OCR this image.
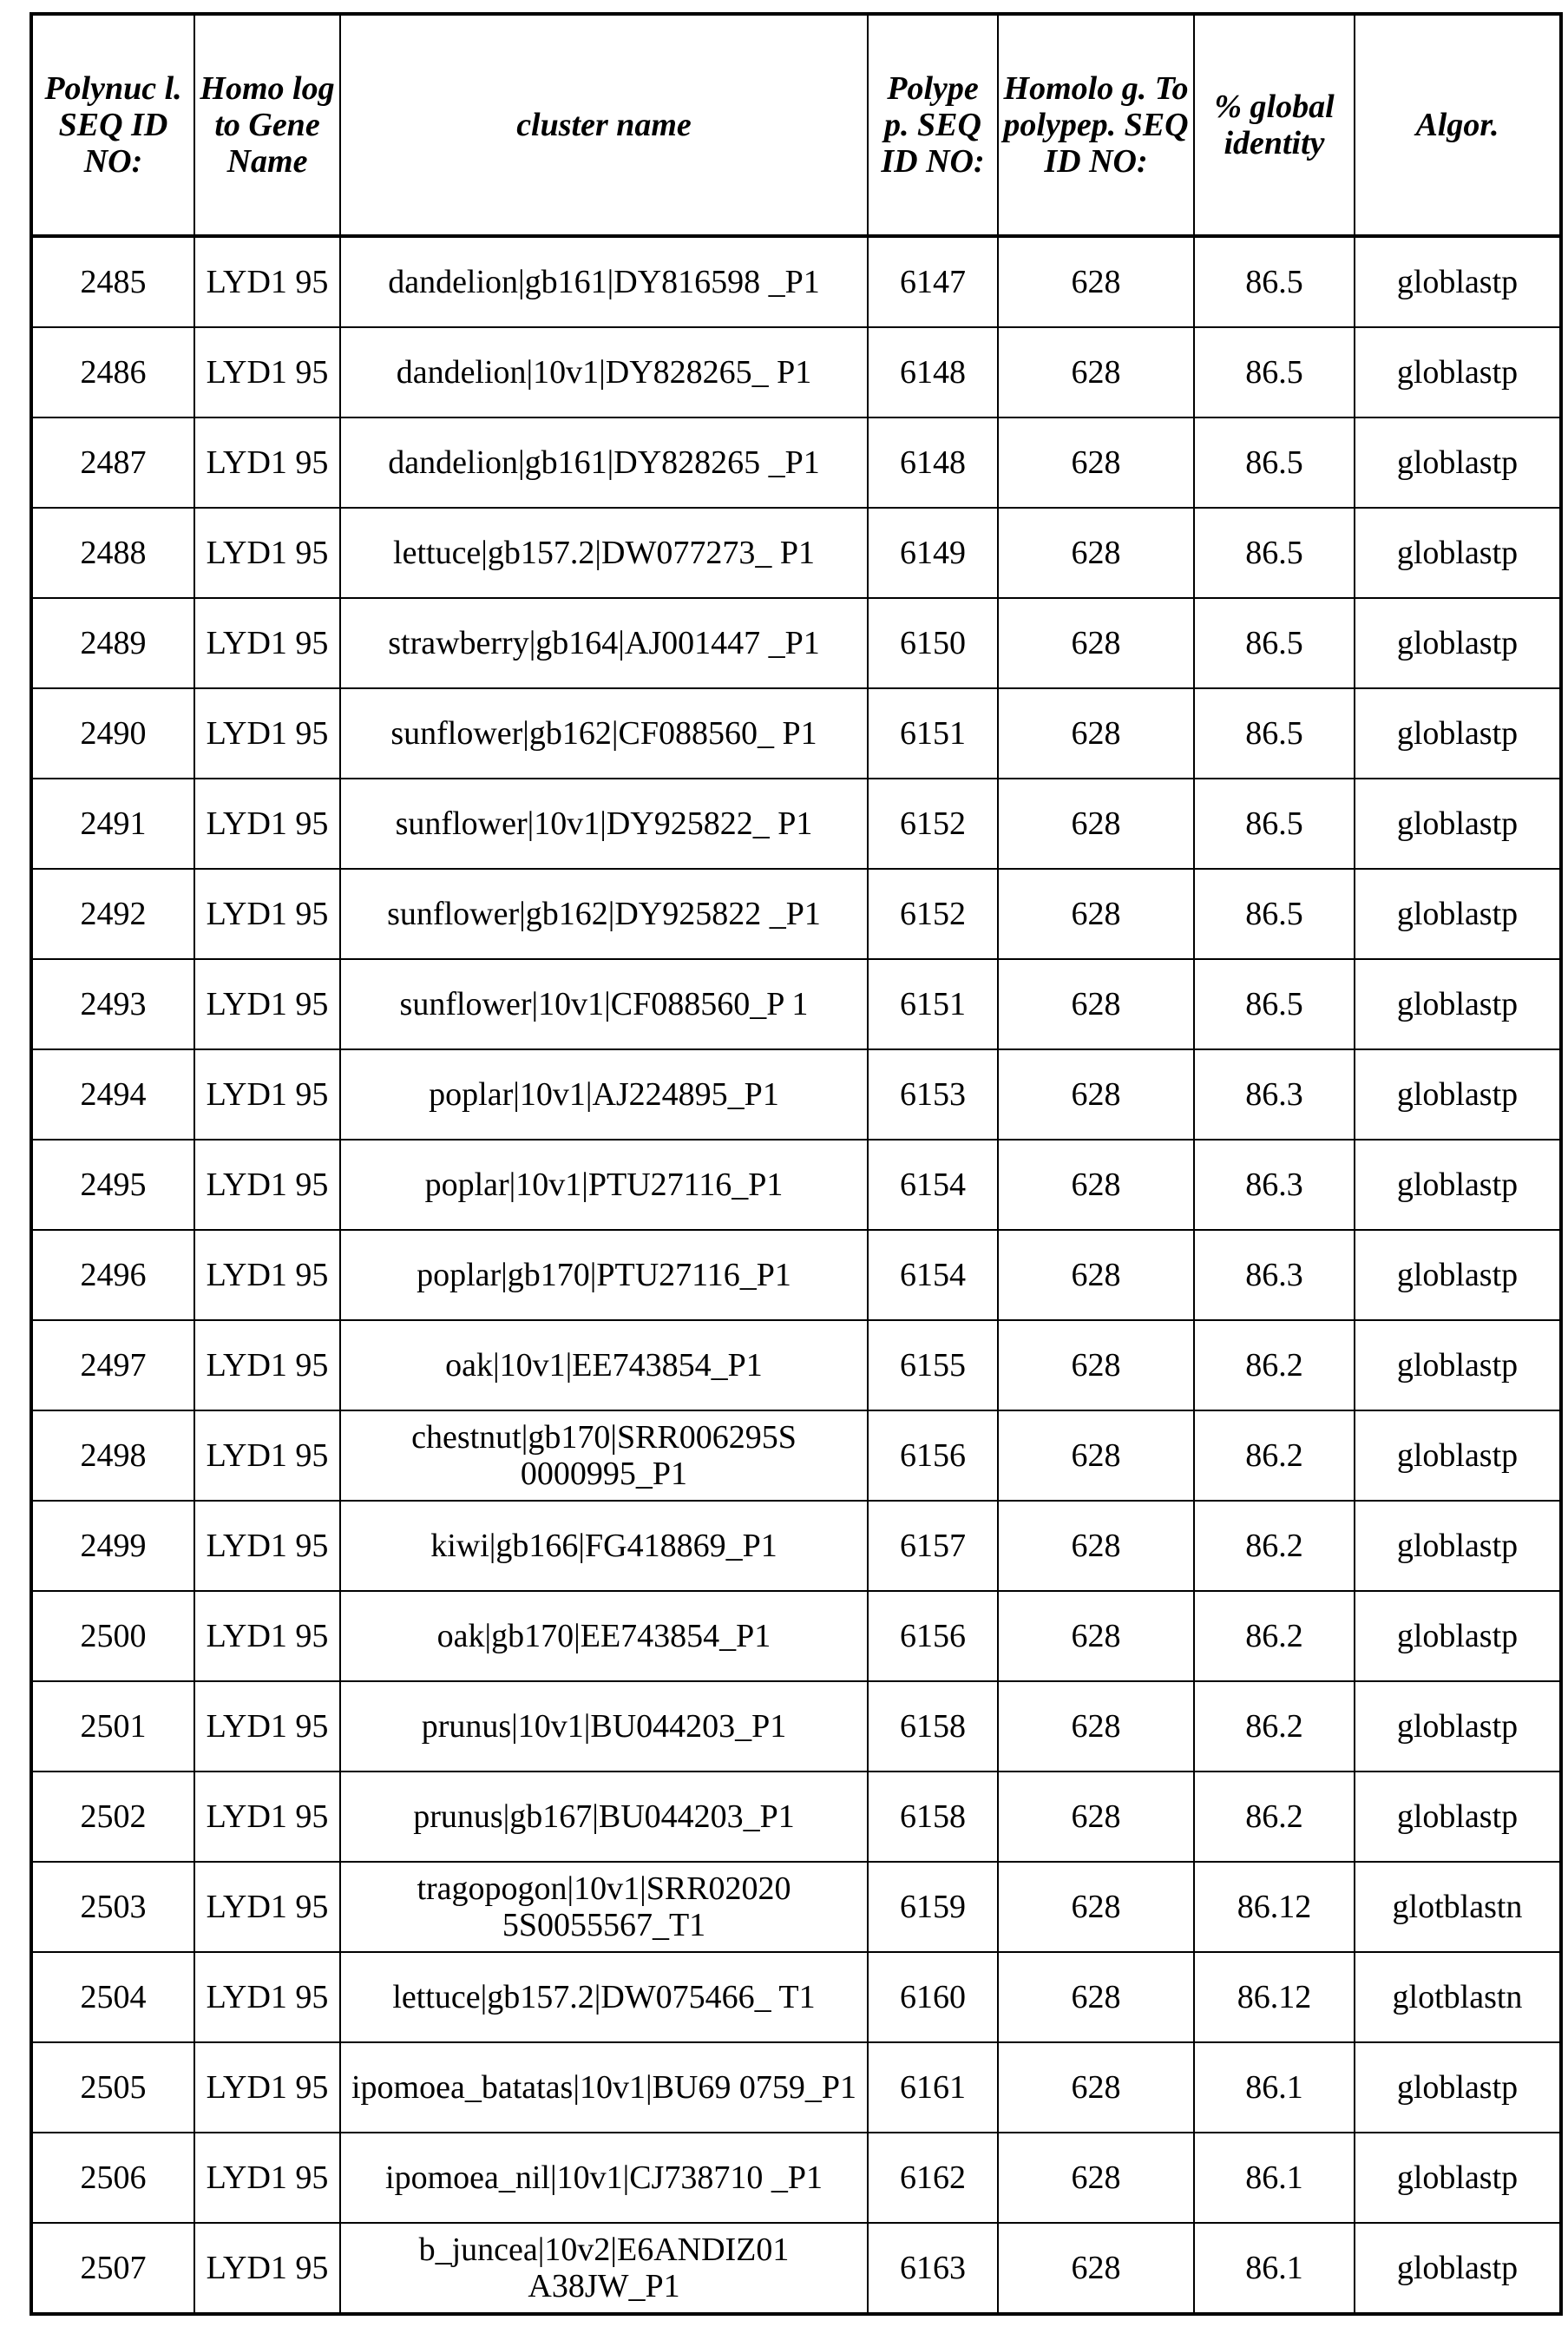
Polynuc l. SEQ ID NO:	Homo log to Gene Name	cluster name	Polype p. SEQ ID NO:	Homolo g. To polypep. SEQ ID NO:	% global identity	Algor.
2485	LYD1 95	dandelion|gb161|DY816598 _P1	6147	628	86.5	globlastp
2486	LYD1 95	dandelion|10v1|DY828265_ P1	6148	628	86.5	globlastp
2487	LYD1 95	dandelion|gb161|DY828265 _P1	6148	628	86.5	globlastp
2488	LYD1 95	lettuce|gb157.2|DW077273_ P1	6149	628	86.5	globlastp
2489	LYD1 95	strawberry|gb164|AJ001447 _P1	6150	628	86.5	globlastp
2490	LYD1 95	sunflower|gb162|CF088560_ P1	6151	628	86.5	globlastp
2491	LYD1 95	sunflower|10v1|DY925822_ P1	6152	628	86.5	globlastp
2492	LYD1 95	sunflower|gb162|DY925822 _P1	6152	628	86.5	globlastp
2493	LYD1 95	sunflower|10v1|CF088560_P 1	6151	628	86.5	globlastp
2494	LYD1 95	poplar|10v1|AJ224895_P1	6153	628	86.3	globlastp
2495	LYD1 95	poplar|10v1|PTU27116_P1	6154	628	86.3	globlastp
2496	LYD1 95	poplar|gb170|PTU27116_P1	6154	628	86.3	globlastp
2497	LYD1 95	oak|10v1|EE743854_P1	6155	628	86.2	globlastp
2498	LYD1 95	chestnut|gb170|SRR006295S 0000995_P1	6156	628	86.2	globlastp
2499	LYD1 95	kiwi|gb166|FG418869_P1	6157	628	86.2	globlastp
2500	LYD1 95	oak|gb170|EE743854_P1	6156	628	86.2	globlastp
2501	LYD1 95	prunus|10v1|BU044203_P1	6158	628	86.2	globlastp
2502	LYD1 95	prunus|gb167|BU044203_P1	6158	628	86.2	globlastp
2503	LYD1 95	tragopogon|10v1|SRR02020 5S0055567_T1	6159	628	86.12	glotblastn
2504	LYD1 95	lettuce|gb157.2|DW075466_ T1	6160	628	86.12	glotblastn
2505	LYD1 95	ipomoea_batatas|10v1|BU69 0759_P1	6161	628	86.1	globlastp
2506	LYD1 95	ipomoea_nil|10v1|CJ738710 _P1	6162	628	86.1	globlastp
2507	LYD1 95	b_juncea|10v2|E6ANDIZ01 A38JW_P1	6163	628	86.1	globlastp
